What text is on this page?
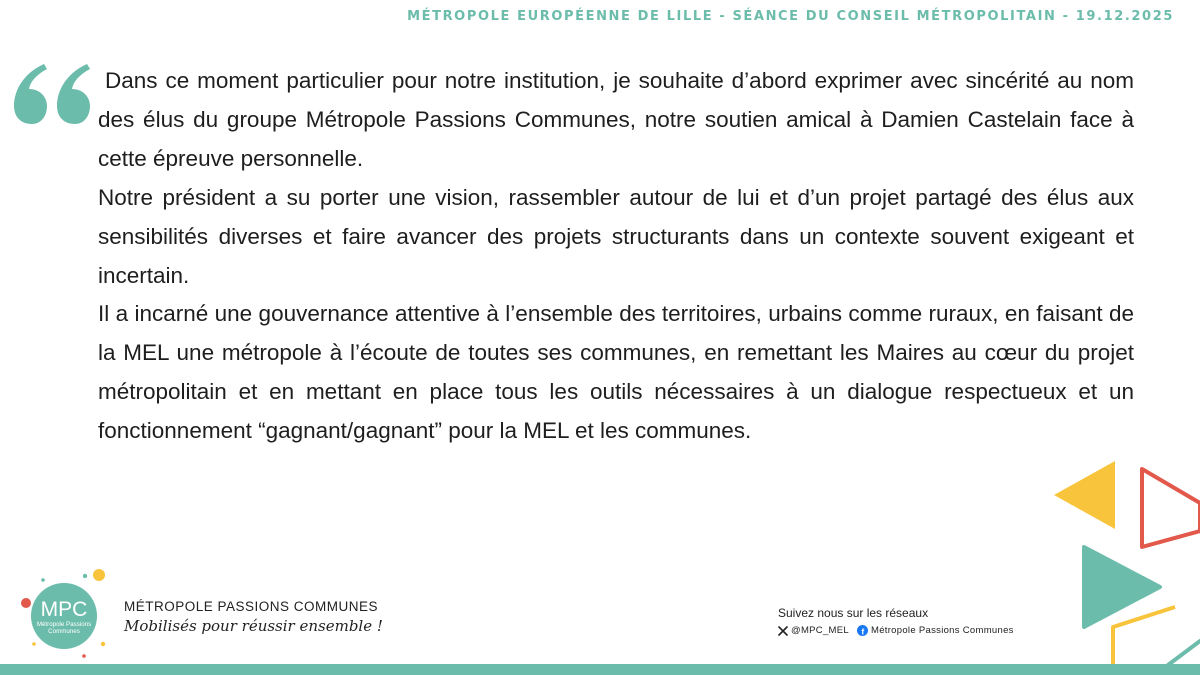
MÉTROPOLE EUROPÉENNE DE LILLE - SÉANCE DU CONSEIL MÉTROPOLITAIN - 19.12.2025

Dans ce moment particulier pour notre institution, je souhaite d’abord exprimer avec sincérité au nom des élus du groupe Métropole Passions Communes, notre soutien amical à Damien Castelain face à cette épreuve personnelle.

Notre président a su porter une vision, rassembler autour de lui et d’un projet partagé des élus aux sensibilités diverses et faire avancer des projets structurants dans un contexte souvent exigeant et incertain.

Il a incarné une gouvernance attentive à l’ensemble des territoires, urbains comme ruraux, en faisant de la MEL une métropole à l’écoute de toutes ses communes, en remettant les Maires au cœur du projet métropolitain et en mettant en place tous les outils nécessaires à un dialogue respectueux et un fonctionnement “gagnant/gagnant” pour la MEL et les communes.

MPC
Métropole Passions
Communes
MÉTROPOLE PASSIONS COMMUNES
Mobilisés pour réussir ensemble !
Suivez nous sur les réseaux
@MPC_MEL f Métropole Passions Communes
